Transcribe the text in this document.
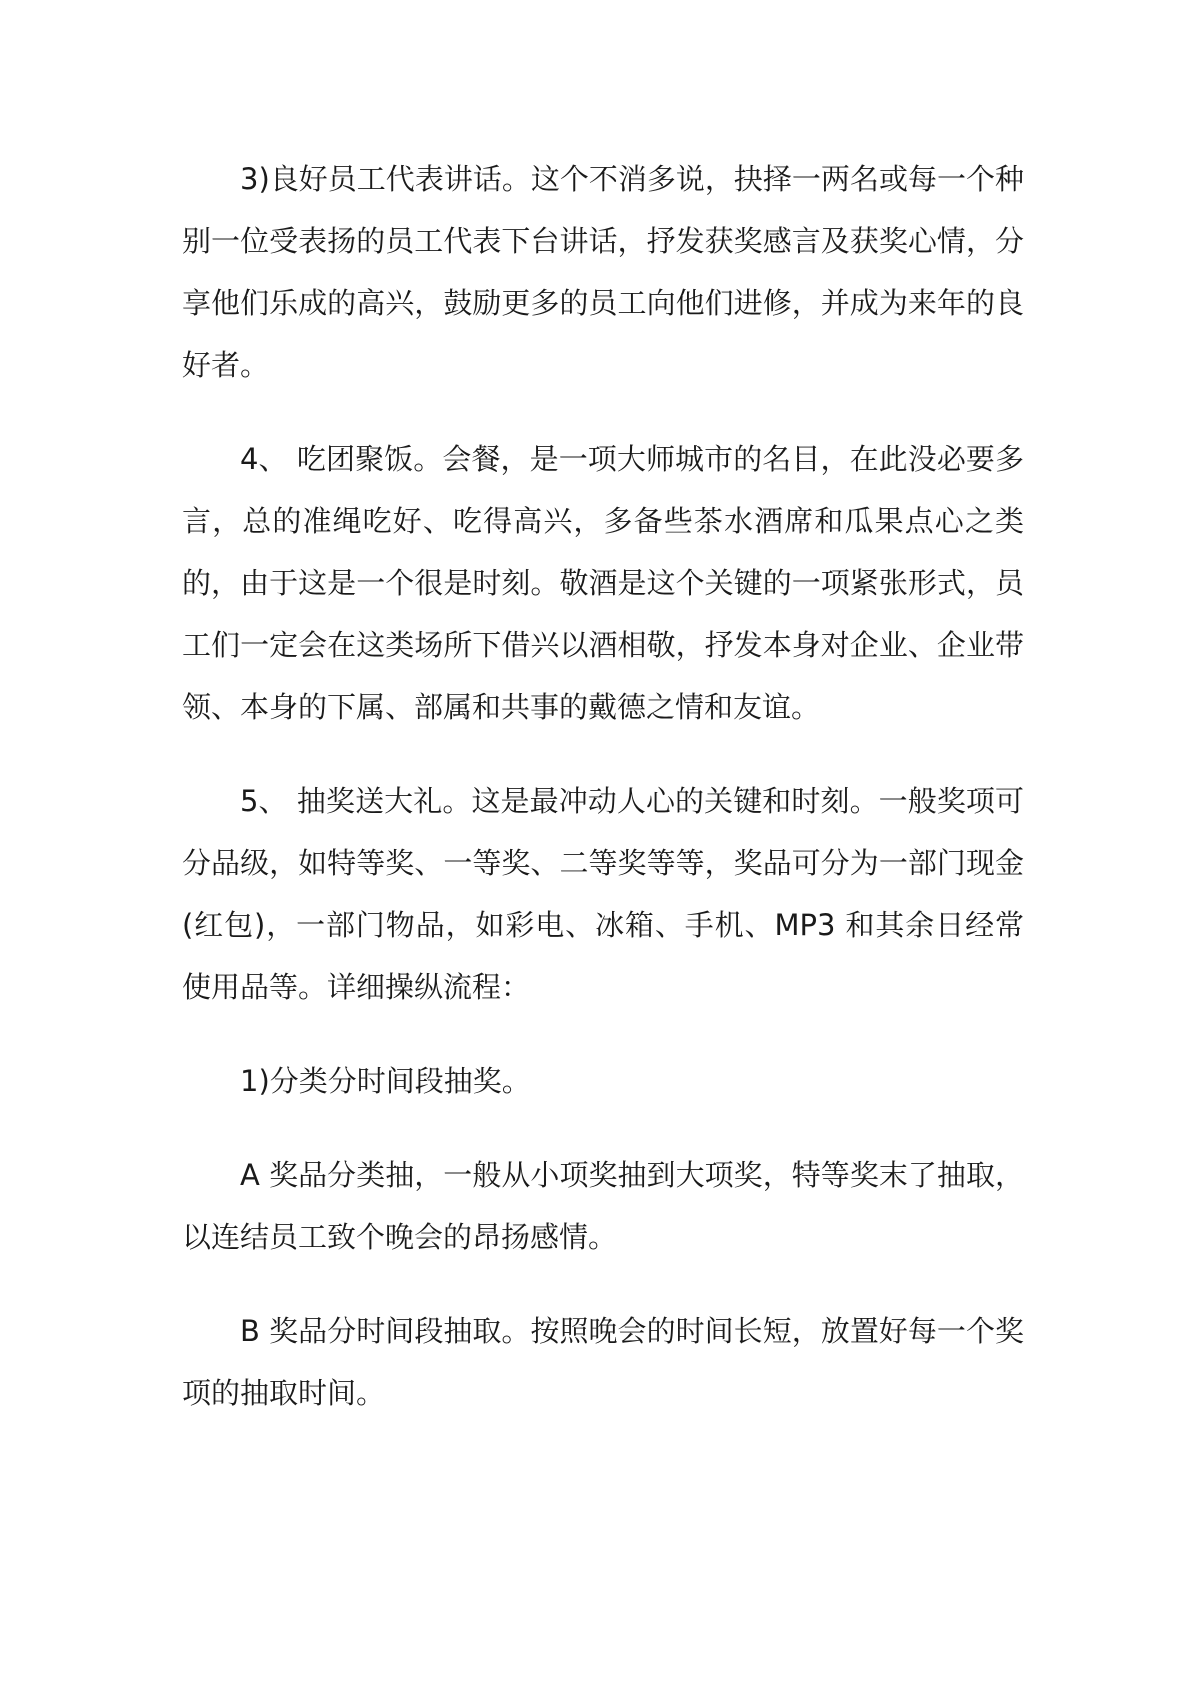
3)良好员工代表讲话。这个不消多说，抉择一两名或每一个种别一位受表扬的员工代表下台讲话，抒发获奖感言及获奖心情，分享他们乐成的高兴，鼓励更多的员工向他们进修，并成为来年的良好者。

4、 吃团聚饭。会餐，是一项大师城市的名目，在此没必要多言，总的准绳吃好、吃得高兴，多备些茶水酒席和瓜果点心之类的，由于这是一个很是时刻。敬酒是这个关键的一项紧张形式，员工们一定会在这类场所下借兴以酒相敬，抒发本身对企业、企业带领、本身的下属、部属和共事的戴德之情和友谊。

5、 抽奖送大礼。这是最冲动人心的关键和时刻。一般奖项可分品级，如特等奖、一等奖、二等奖等等，奖品可分为一部门现金(红包)，一部门物品，如彩电、冰箱、手机、MP3 和其余日经常使用品等。详细操纵流程：

1)分类分时间段抽奖。

A 奖品分类抽，一般从小项奖抽到大项奖，特等奖末了抽取，以连结员工致个晚会的昂扬感情。

B 奖品分时间段抽取。按照晚会的时间长短，放置好每一个奖项的抽取时间。
